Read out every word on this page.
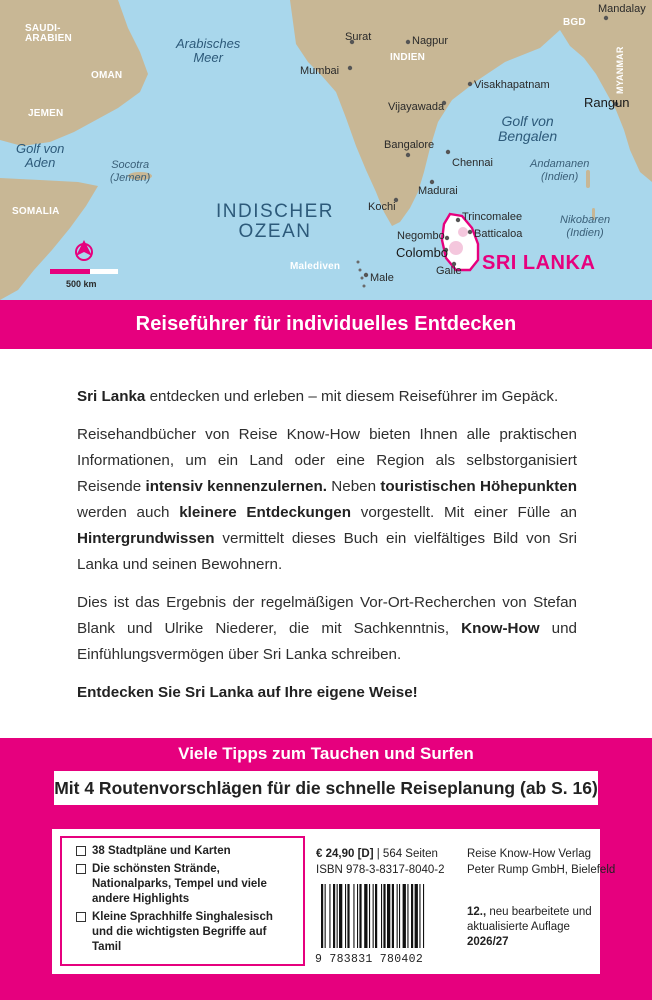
SAUDI-
ARABIEN
OMAN
JEMEN
SOMALIA
INDIEN
BGD
MYANMAR
Surat	Nagpur
Mumbai
Visakhapatnam
Vijayawada
Bangalore
Chennai
Madurai
Kochi
Trincomalee
Batticaloa
Negombo
Colombo
Galle
Male
Malediven
Mandalay
Rangun
Arabisches
Meer
Golf von
Aden
Golf von
Bengalen
INDISCHER
OZEAN
Socotra
(Jemen)
Andamanen
(Indien)
Nikobaren
(Indien)
SRI LANKA
500 km
Reiseführer für individuelles Entdecken

Sri Lanka entdecken und erleben – mit diesem Reiseführer im Gepäck.

Reisehandbücher von Reise Know-How bieten Ihnen alle praktischen Informationen, um ein Land oder eine Region als selbstorganisiert Reisende intensiv kennenzulernen. Neben touristischen Höhepunkten werden auch kleinere Entdeckungen vorgestellt. Mit einer Fülle an Hintergrundwissen vermittelt dieses Buch ein vielfältiges Bild von Sri Lanka und seinen Bewohnern.

Dies ist das Ergebnis der regelmäßigen Vor-Ort-Recherchen von Stefan Blank und Ulrike Niederer, die mit Sachkenntnis, Know-How und Einfühlungsvermögen über Sri Lanka schreiben.

Entdecken Sie Sri Lanka auf Ihre eigene Weise!

Viele Tipps zum Tauchen und Surfen
Mit 4 Routenvorschlägen für die schnelle Reiseplanung (ab S. 16)
38 Stadtpläne und Karten
Die schönsten Strände, Nationalparks, Tempel und viele andere Highlights
Kleine Sprachhilfe Singhalesisch und die wichtigsten Begriffe auf Tamil
€ 24,90 [D] | 564 Seiten
ISBN 978-3-8317-8040-2
Reise Know-How Verlag
Peter Rump GmbH, Bielefeld
12., neu bearbeitete und aktualisierte Auflage 2026/27
9 783831 780402
